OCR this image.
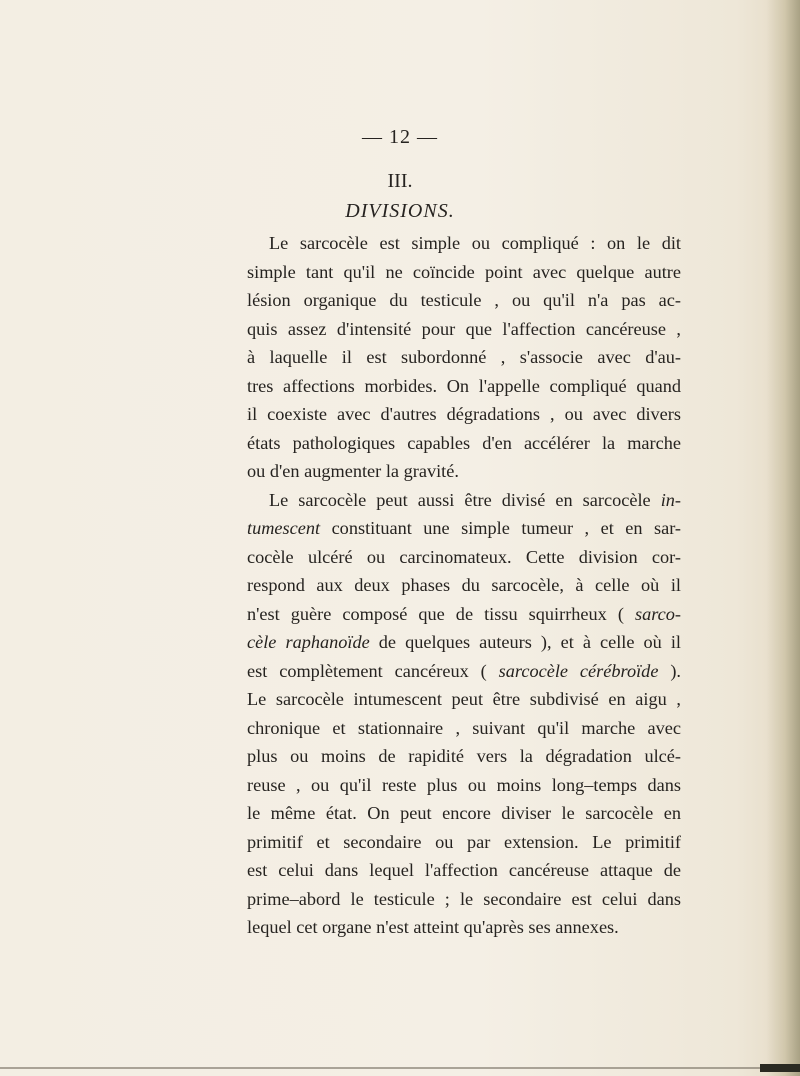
— 12 —
III.
DIVISIONS.
Le sarcocèle est simple ou compliqué : on le dit
simple tant qu'il ne coïncide point avec quelque autre
lésion organique du testicule , ou qu'il n'a pas ac-
quis assez d'intensité pour que l'affection cancéreuse ,
à laquelle il est subordonné , s'associe avec d'au-
tres affections morbides. On l'appelle compliqué quand
il coexiste avec d'autres dégradations , ou avec divers
états pathologiques capables d'en accélérer la marche
ou d'en augmenter la gravité.
Le sarcocèle peut aussi être divisé en sarcocèle in-
tumescent constituant une simple tumeur , et en sar-
cocèle ulcéré ou carcinomateux. Cette division cor-
respond aux deux phases du sarcocèle, à celle où il
n'est guère composé que de tissu squirrheux ( sarco-
cèle raphanoïde de quelques auteurs ), et à celle où il
est complètement cancéreux ( sarcocèle cérébroïde ).
Le sarcocèle intumescent peut être subdivisé en aigu ,
chronique et stationnaire , suivant qu'il marche avec
plus ou moins de rapidité vers la dégradation ulcé-
reuse , ou qu'il reste plus ou moins long–temps dans
le même état. On peut encore diviser le sarcocèle en
primitif et secondaire ou par extension. Le primitif
est celui dans lequel l'affection cancéreuse attaque de
prime–abord le testicule ; le secondaire est celui dans
lequel cet organe n'est atteint qu'après ses annexes.
